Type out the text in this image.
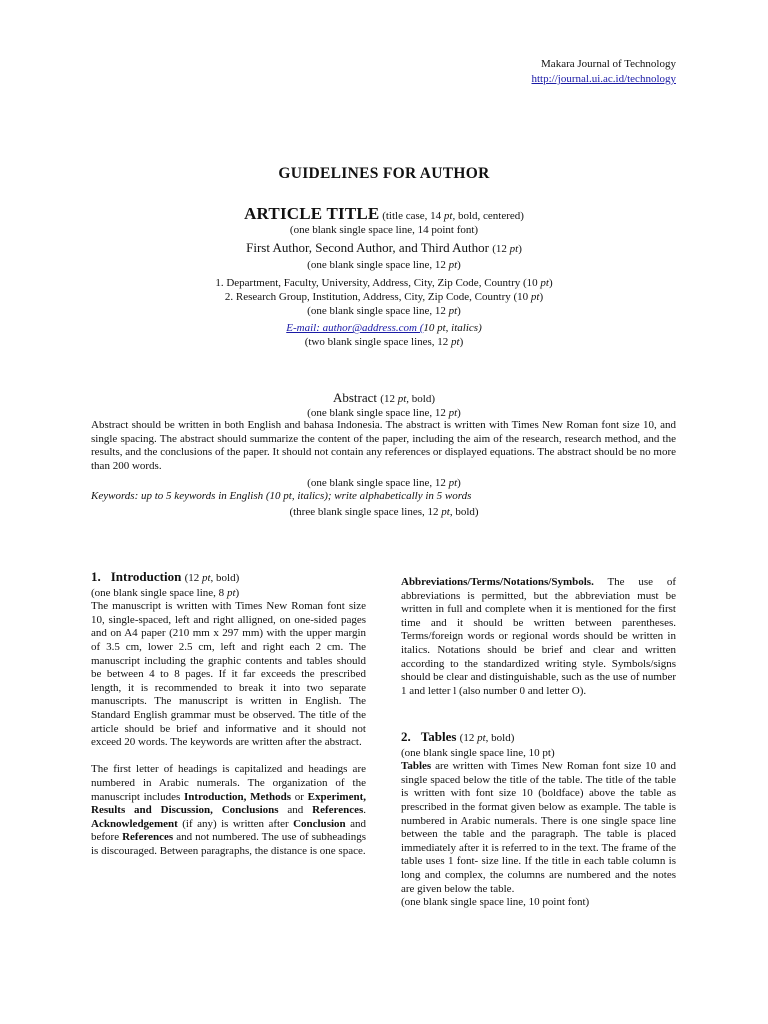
Makara Journal of Technology
http://journal.ui.ac.id/technology
GUIDELINES FOR AUTHOR
ARTICLE TITLE (title case, 14 pt, bold, centered)
(one blank single space line, 14 point font)
First Author, Second Author, and Third Author (12 pt)
(one blank single space line, 12 pt)
1. Department, Faculty, University, Address, City, Zip Code, Country (10 pt)
2. Research Group, Institution, Address, City, Zip Code, Country (10 pt)
(one blank single space line, 12 pt)
E-mail: author@address.com (10 pt, italics)
(two blank single space lines, 12 pt)
Abstract (12 pt, bold)
(one blank single space line, 12 pt)
Abstract should be written in both English and bahasa Indonesia. The abstract is written with Times New Roman font size 10, and single spacing. The abstract should summarize the content of the paper, including the aim of the research, research method, and the results, and the conclusions of the paper. It should not contain any references or displayed equations. The abstract should be no more than 200 words.
(one blank single space line, 12 pt)
Keywords: up to 5 keywords in English (10 pt, italics); write alphabetically in 5 words
(three blank single space lines, 12 pt, bold)
1. Introduction (12 pt, bold)
(one blank single space line, 8 pt)

The manuscript is written with Times New Roman font size 10, single-spaced, left and right alligned, on one-sided pages and on A4 paper (210 mm x 297 mm) with the upper margin of 3.5 cm, lower 2.5 cm, left and right each 2 cm. The manuscript including the graphic contents and tables should be between 4 to 8 pages. If it far exceeds the prescribed length, it is recommended to break it into two separate manuscripts. The manuscript is written in English. The Standard English grammar must be observed. The title of the article should be brief and informative and it should not exceed 20 words. The keywords are written after the abstract.

The first letter of headings is capitalized and headings are numbered in Arabic numerals. The organization of the manuscript includes Introduction, Methods or Experiment, Results and Discussion, Conclusions and References. Acknowledgement (if any) is written after Conclusion and before References and not numbered. The use of subheadings is discouraged. Between paragraphs, the distance is one space.

Abbreviations/Terms/Notations/Symbols. The use of abbreviations is permitted, but the abbreviation must be written in full and complete when it is mentioned for the first time and it should be written between parentheses. Terms/foreign words or regional words should be written in italics. Notations should be brief and clear and written according to the standardized writing style. Symbols/signs should be clear and distinguishable, such as the use of number 1 and letter l (also number 0 and letter O).

2. Tables (12 pt, bold)
(one blank single space line, 10 pt)

Tables are written with Times New Roman font size 10 and single spaced below the title of the table. The title of the table is written with font size 10 (boldface) above the table as prescribed in the format given below as example. The table is numbered in Arabic numerals. There is one single space line between the table and the paragraph. The table is placed immediately after it is referred to in the text. The frame of the table uses 1 font- size line. If the title in each table column is long and complex, the columns are numbered and the notes are given below the table.

(one blank single space line, 10 point font)
